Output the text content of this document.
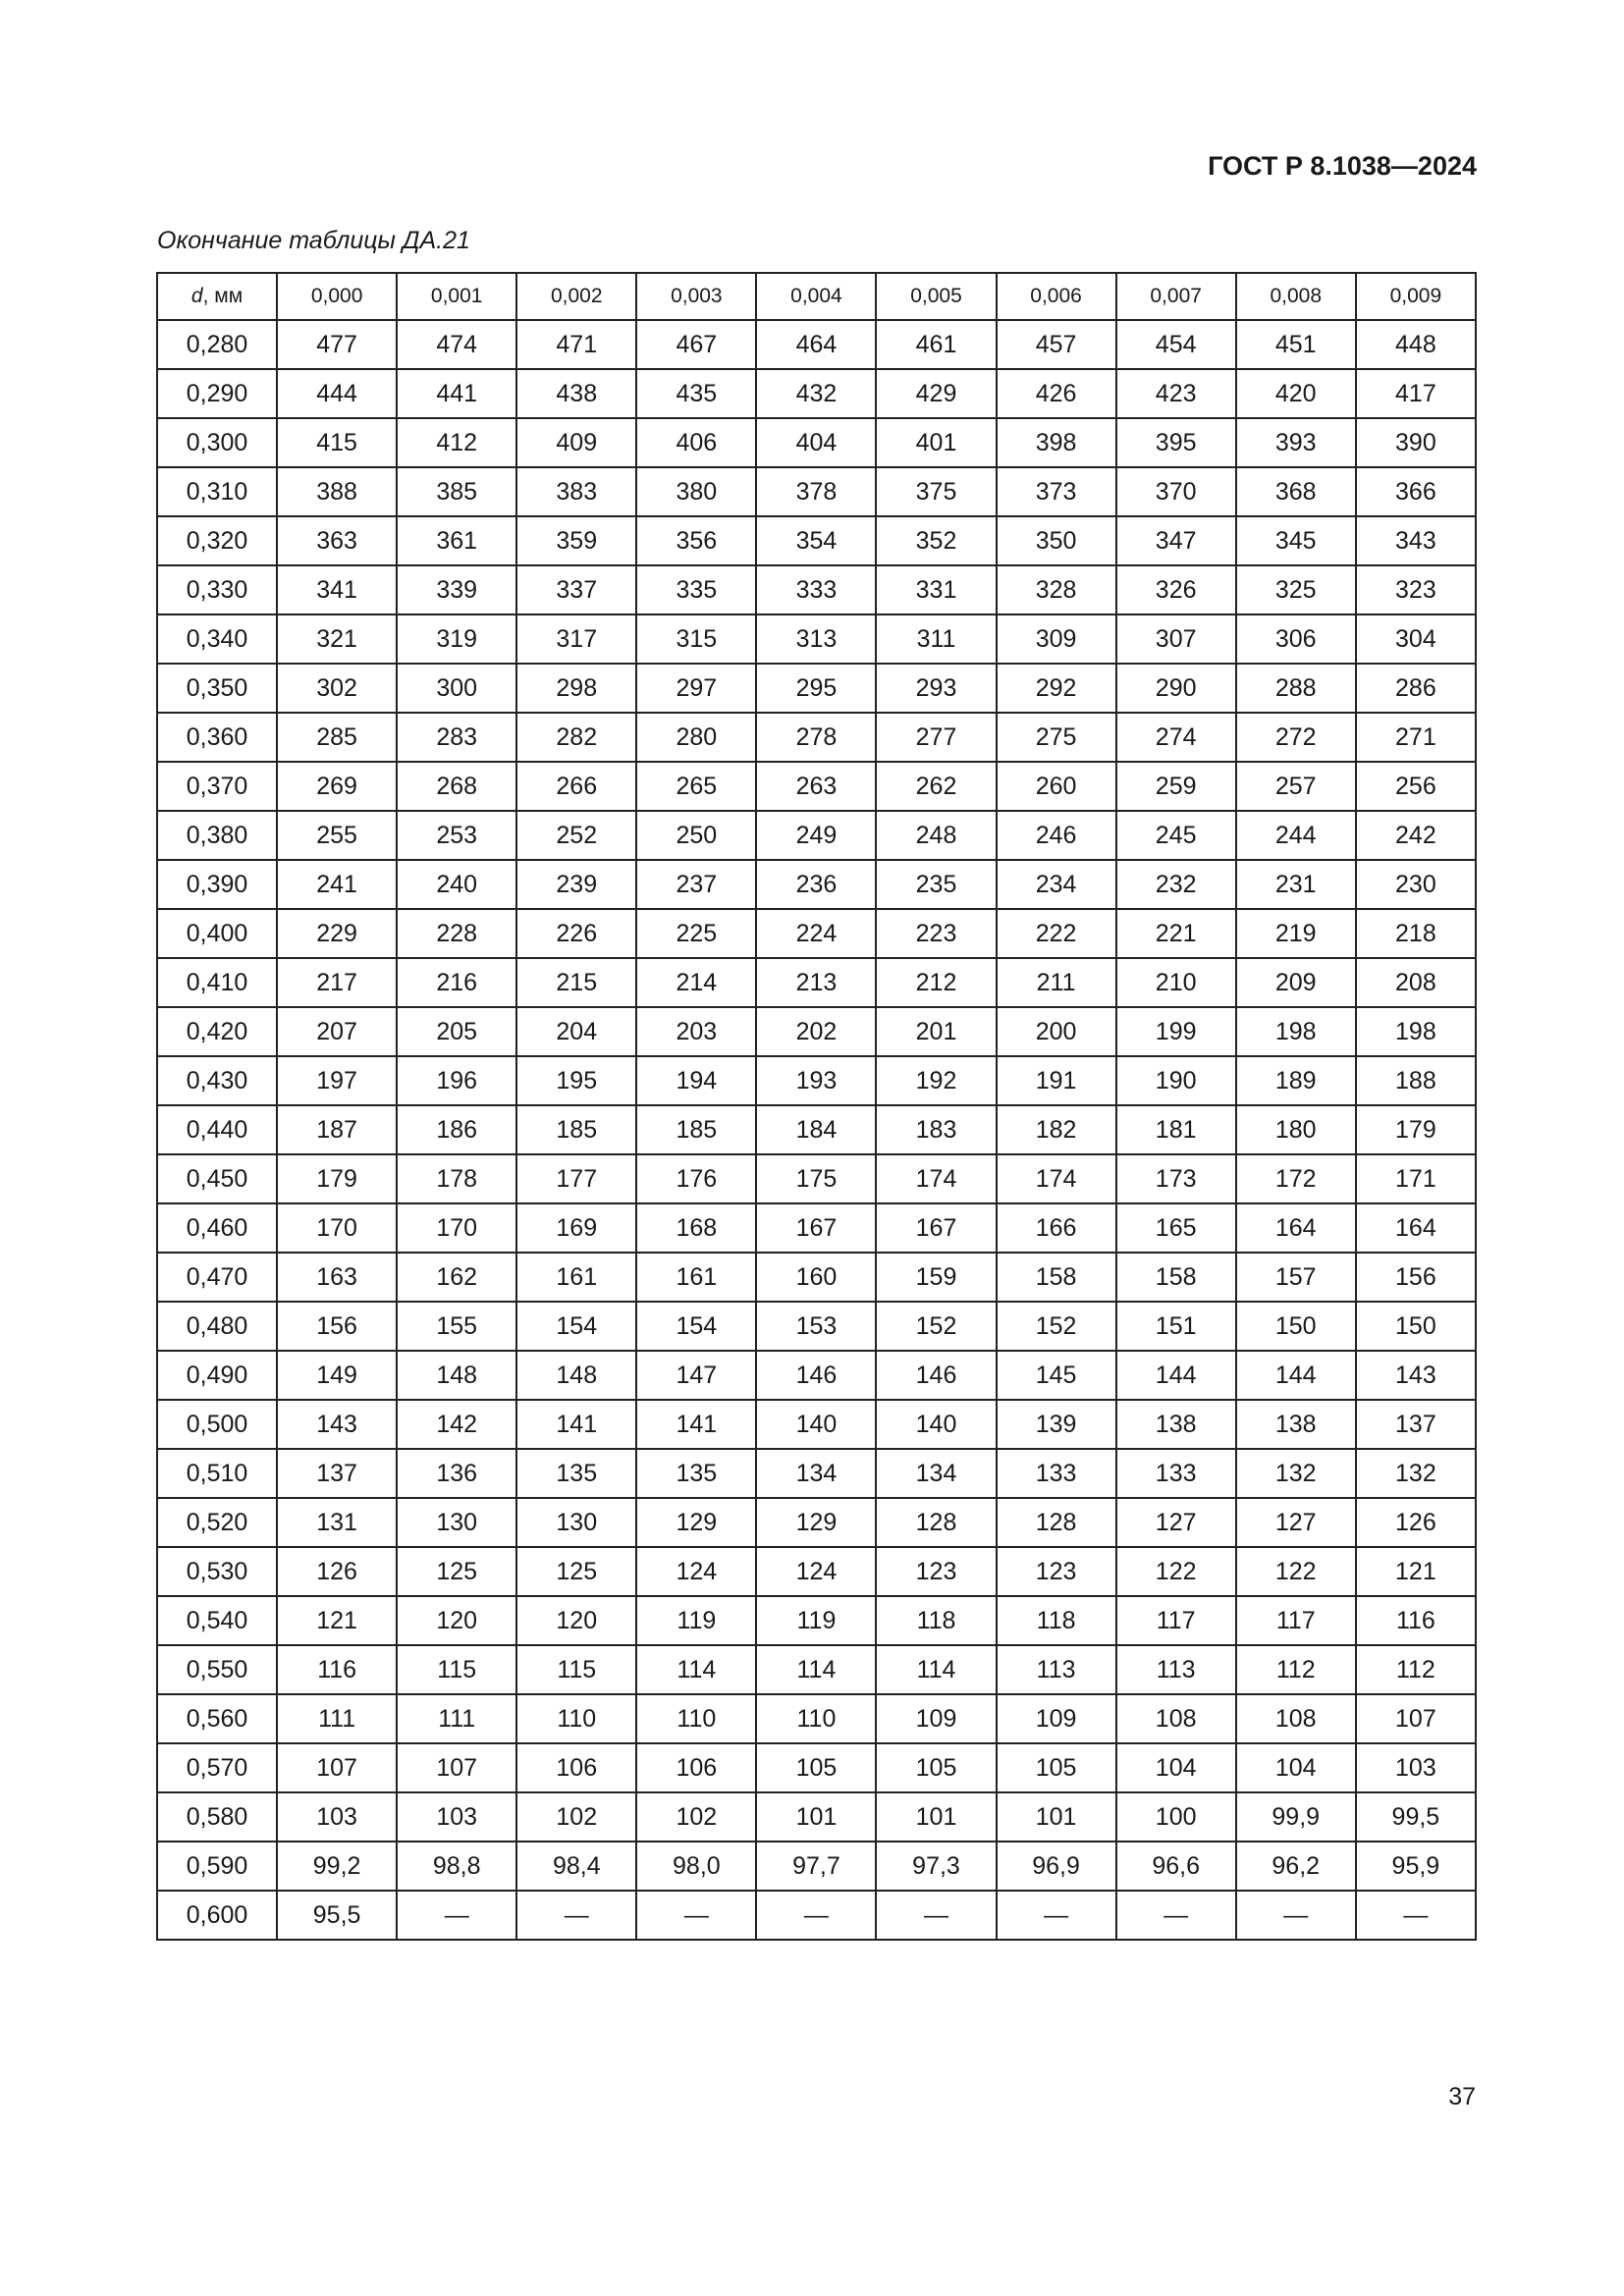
ГОСТ Р 8.1038—2024
Окончание таблицы ДА.21
d, мм	0,000	0,001	0,002	0,003	0,004	0,005	0,006	0,007	0,008	0,009
0,280	477	474	471	467	464	461	457	454	451	448
0,290	444	441	438	435	432	429	426	423	420	417
0,300	415	412	409	406	404	401	398	395	393	390
0,310	388	385	383	380	378	375	373	370	368	366
0,320	363	361	359	356	354	352	350	347	345	343
0,330	341	339	337	335	333	331	328	326	325	323
0,340	321	319	317	315	313	311	309	307	306	304
0,350	302	300	298	297	295	293	292	290	288	286
0,360	285	283	282	280	278	277	275	274	272	271
0,370	269	268	266	265	263	262	260	259	257	256
0,380	255	253	252	250	249	248	246	245	244	242
0,390	241	240	239	237	236	235	234	232	231	230
0,400	229	228	226	225	224	223	222	221	219	218
0,410	217	216	215	214	213	212	211	210	209	208
0,420	207	205	204	203	202	201	200	199	198	198
0,430	197	196	195	194	193	192	191	190	189	188
0,440	187	186	185	185	184	183	182	181	180	179
0,450	179	178	177	176	175	174	174	173	172	171
0,460	170	170	169	168	167	167	166	165	164	164
0,470	163	162	161	161	160	159	158	158	157	156
0,480	156	155	154	154	153	152	152	151	150	150
0,490	149	148	148	147	146	146	145	144	144	143
0,500	143	142	141	141	140	140	139	138	138	137
0,510	137	136	135	135	134	134	133	133	132	132
0,520	131	130	130	129	129	128	128	127	127	126
0,530	126	125	125	124	124	123	123	122	122	121
0,540	121	120	120	119	119	118	118	117	117	116
0,550	116	115	115	114	114	114	113	113	112	112
0,560	111	111	110	110	110	109	109	108	108	107
0,570	107	107	106	106	105	105	105	104	104	103
0,580	103	103	102	102	101	101	101	100	99,9	99,5
0,590	99,2	98,8	98,4	98,0	97,7	97,3	96,9	96,6	96,2	95,9
0,600	95,5	—	—	—	—	—	—	—	—	—
37
